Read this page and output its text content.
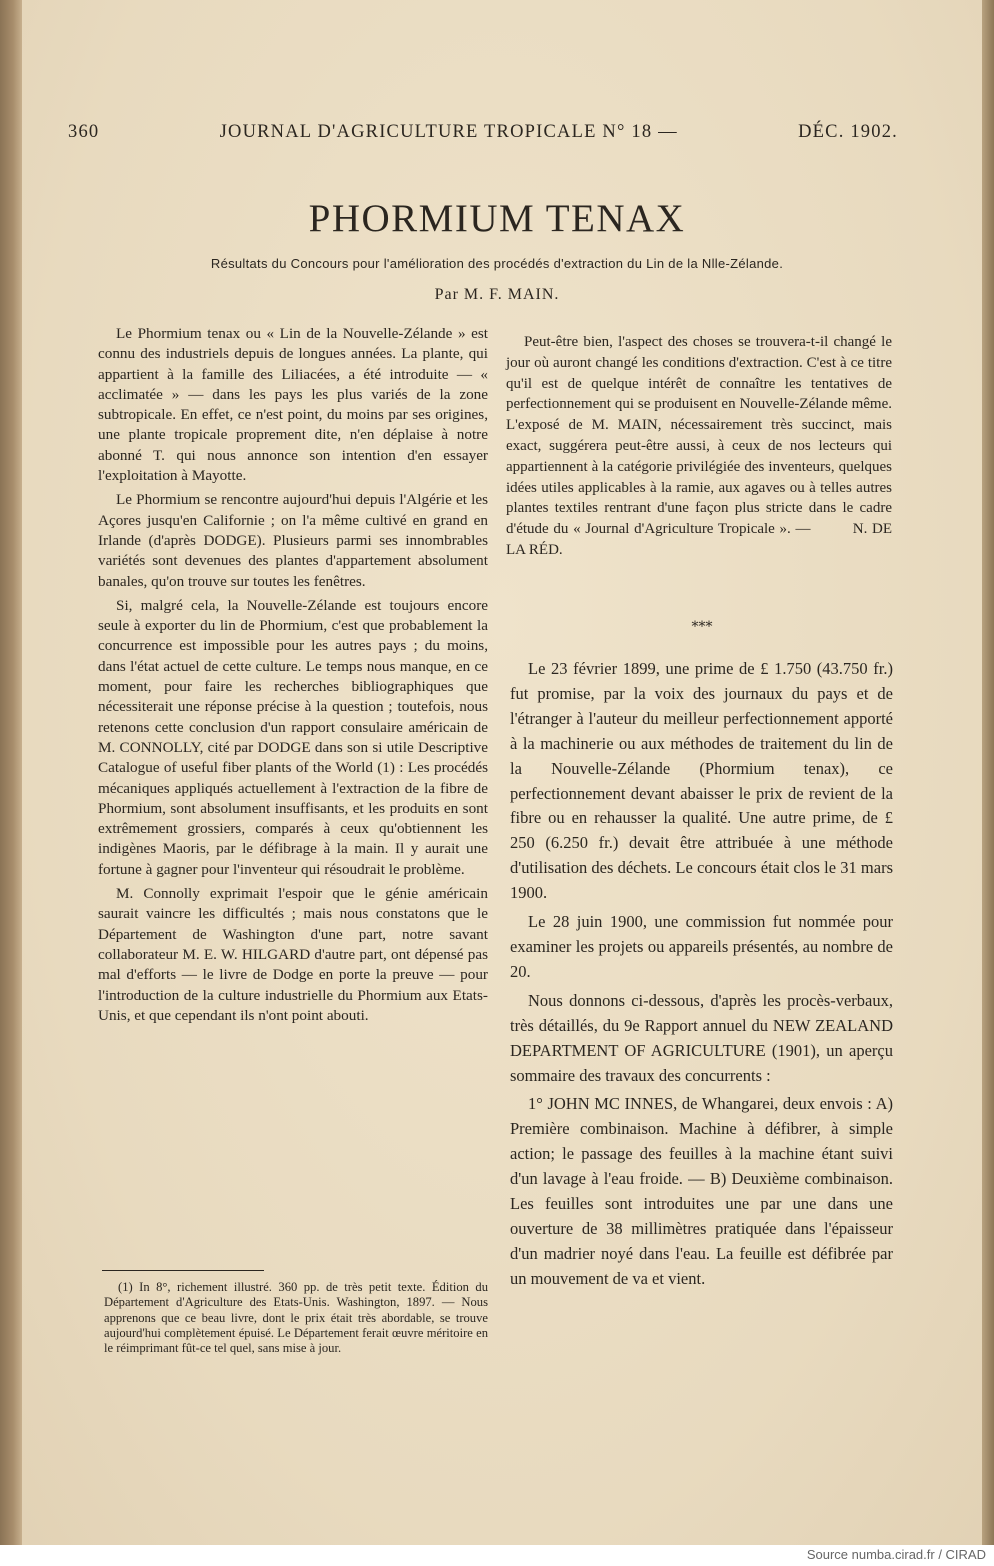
360	JOURNAL D'AGRICULTURE TROPICALE N° 18 —	DÉC. 1902.
PHORMIUM TENAX
Résultats du Concours pour l'amélioration des procédés d'extraction du Lin de la Nlle-Zélande.
Par M. F. MAIN.

Le Phormium tenax ou « Lin de la Nouvelle-Zélande » est connu des industriels depuis de longues années. La plante, qui appartient à la famille des Liliacées, a été introduite — « acclimatée » — dans les pays les plus variés de la zone subtropicale. En effet, ce n'est point, du moins par ses origines, une plante tropicale proprement dite, n'en déplaise à notre abonné T. qui nous annonce son intention d'en essayer l'exploitation à Mayotte.

Le Phormium se rencontre aujourd'hui depuis l'Algérie et les Açores jusqu'en Californie ; on l'a même cultivé en grand en Irlande (d'après DODGE). Plusieurs parmi ses innombrables variétés sont devenues des plantes d'appartement absolument banales, qu'on trouve sur toutes les fenêtres.

Si, malgré cela, la Nouvelle-Zélande est toujours encore seule à exporter du lin de Phormium, c'est que probablement la concurrence est impossible pour les autres pays ; du moins, dans l'état actuel de cette culture. Le temps nous manque, en ce moment, pour faire les recherches bibliographiques que nécessiterait une réponse précise à la question ; toutefois, nous retenons cette conclusion d'un rapport consulaire américain de M. CONNOLLY, cité par DODGE dans son si utile Descriptive Catalogue of useful fiber plants of the World (1) : Les procédés mécaniques appliqués actuellement à l'extraction de la fibre de Phormium, sont absolument insuffisants, et les produits en sont extrêmement grossiers, comparés à ceux qu'obtiennent les indigènes Maoris, par le défibrage à la main. Il y aurait une fortune à gagner pour l'inventeur qui résoudrait le problème.

M. Connolly exprimait l'espoir que le génie américain saurait vaincre les difficultés ; mais nous constatons que le Département de Washington d'une part, notre savant collaborateur M. E. W. HILGARD d'autre part, ont dépensé pas mal d'efforts — le livre de Dodge en porte la preuve — pour l'introduction de la culture industrielle du Phormium aux Etats-Unis, et que cependant ils n'ont point abouti.

(1) In 8°, richement illustré. 360 pp. de très petit texte. Édition du Département d'Agriculture des Etats-Unis. Washington, 1897. — Nous apprenons que ce beau livre, dont le prix était très abordable, se trouve aujourd'hui complètement épuisé. Le Département ferait œuvre méritoire en le réimprimant fût-ce tel quel, sans mise à jour.

Peut-être bien, l'aspect des choses se trouvera-t-il changé le jour où auront changé les conditions d'extraction. C'est à ce titre qu'il est de quelque intérêt de connaître les tentatives de perfectionnement qui se produisent en Nouvelle-Zélande même. L'exposé de M. MAIN, nécessairement très succinct, mais exact, suggérera peut-être aussi, à ceux de nos lecteurs qui appartiennent à la catégorie privilégiée des inventeurs, quelques idées utiles applicables à la ramie, aux agaves ou à telles autres plantes textiles rentrant d'une façon plus stricte dans le cadre d'étude du « Journal d'Agriculture Tropicale ». —	N. DE LA RÉD.

***

Le 23 février 1899, une prime de £ 1.750 (43.750 fr.) fut promise, par la voix des journaux du pays et de l'étranger à l'auteur du meilleur perfectionnement apporté à la machinerie ou aux méthodes de traitement du lin de la Nouvelle-Zélande (Phormium tenax), ce perfectionnement devant abaisser le prix de revient de la fibre ou en rehausser la qualité. Une autre prime, de £ 250 (6.250 fr.) devait être attribuée à une méthode d'utilisation des déchets. Le concours était clos le 31 mars 1900.

Le 28 juin 1900, une commission fut nommée pour examiner les projets ou appareils présentés, au nombre de 20.

Nous donnons ci-dessous, d'après les procès-verbaux, très détaillés, du 9e Rapport annuel du NEW ZEALAND DEPARTMENT OF AGRICULTURE (1901), un aperçu sommaire des travaux des concurrents :

1° JOHN MC INNES, de Whangarei, deux envois : A) Première combinaison. Machine à défibrer, à simple action; le passage des feuilles à la machine étant suivi d'un lavage à l'eau froide. — B) Deuxième combinaison. Les feuilles sont introduites une par une dans une ouverture de 38 millimètres pratiquée dans l'épaisseur d'un madrier noyé dans l'eau. La feuille est défibrée par un mouvement de va et vient.

Source numba.cirad.fr / CIRAD
